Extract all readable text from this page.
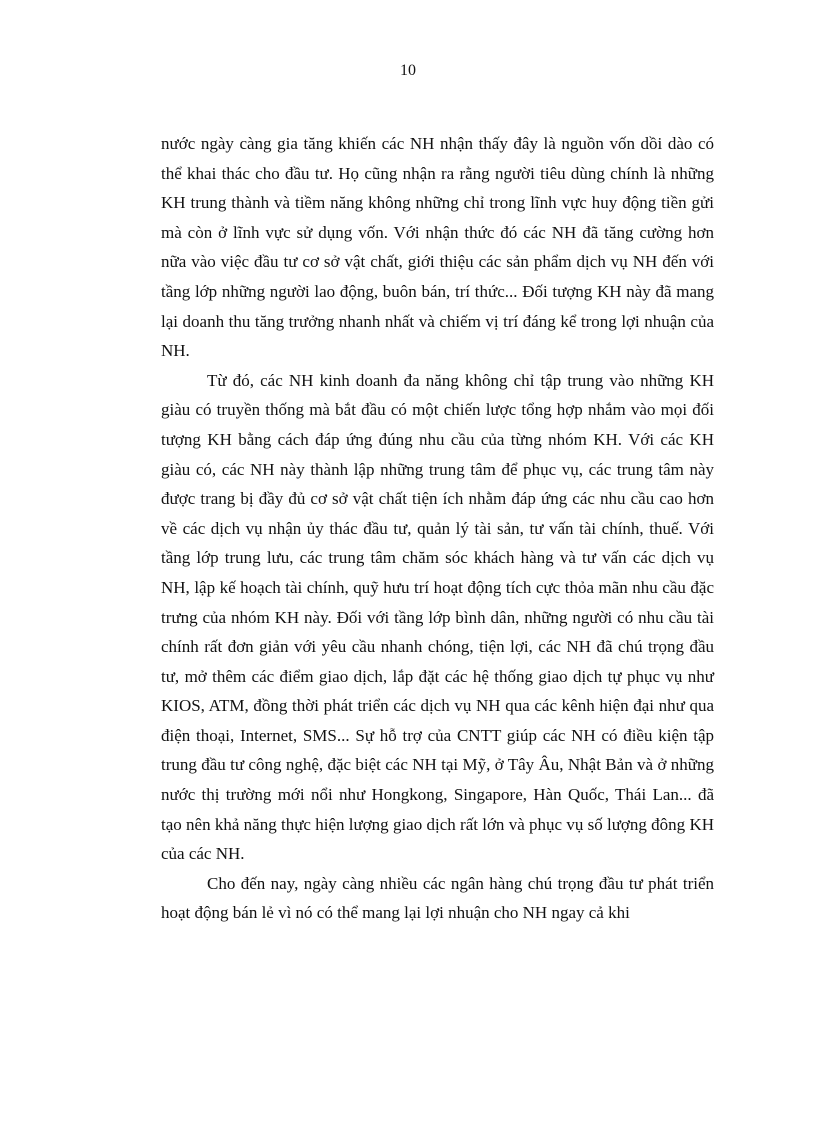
10

nước ngày càng gia tăng khiến các NH nhận thấy đây là nguồn vốn dồi dào có thể khai thác cho đầu tư. Họ cũng nhận ra rằng người tiêu dùng chính là những KH trung thành và tiềm năng không những chỉ trong lĩnh vực huy động tiền gửi mà còn ở lĩnh vực sử dụng vốn. Với nhận thức đó các NH đã tăng cường hơn nữa vào việc đầu tư cơ sở vật chất, giới thiệu các sản phẩm dịch vụ NH đến với tầng lớp những người lao động, buôn bán, trí thức... Đối tượng KH này đã mang lại doanh thu tăng trưởng nhanh nhất và chiếm vị trí đáng kể trong lợi nhuận của NH.

Từ đó, các NH kinh doanh đa năng không chỉ tập trung vào những KH giàu có truyền thống mà bắt đầu có một chiến lược tổng hợp nhắm vào mọi đối tượng KH bằng cách đáp ứng đúng nhu cầu của từng nhóm KH. Với các KH giàu có, các NH này thành lập những trung tâm để phục vụ, các trung tâm này được trang bị đầy đủ cơ sở vật chất tiện ích nhằm đáp ứng các nhu cầu cao hơn về các dịch vụ nhận ủy thác đầu tư, quản lý tài sản, tư vấn tài chính, thuế. Với tầng lớp trung lưu, các trung tâm chăm sóc khách hàng và tư vấn các dịch vụ NH, lập kế hoạch tài chính, quỹ hưu trí hoạt động tích cực thỏa mãn nhu cầu đặc trưng của nhóm KH này. Đối với tầng lớp bình dân, những người có nhu cầu tài chính rất đơn giản với yêu cầu nhanh chóng, tiện lợi, các NH đã chú trọng đầu tư, mở thêm các điểm giao dịch, lắp đặt các hệ thống giao dịch tự phục vụ như KIOS, ATM, đồng thời phát triển các dịch vụ NH qua các kênh hiện đại như qua điện thoại, Internet, SMS... Sự hỗ trợ của CNTT giúp các NH có điều kiện tập trung đầu tư công nghệ, đặc biệt các NH tại Mỹ, ở Tây Âu, Nhật Bản và ở những nước thị trường mới nổi như Hongkong, Singapore, Hàn Quốc, Thái Lan... đã tạo nên khả năng thực hiện lượng giao dịch rất lớn và phục vụ số lượng đông KH của các NH.

Cho đến nay, ngày càng nhiều các ngân hàng chú trọng đầu tư phát triển hoạt động bán lẻ vì nó có thể mang lại lợi nhuận cho NH ngay cả khi
